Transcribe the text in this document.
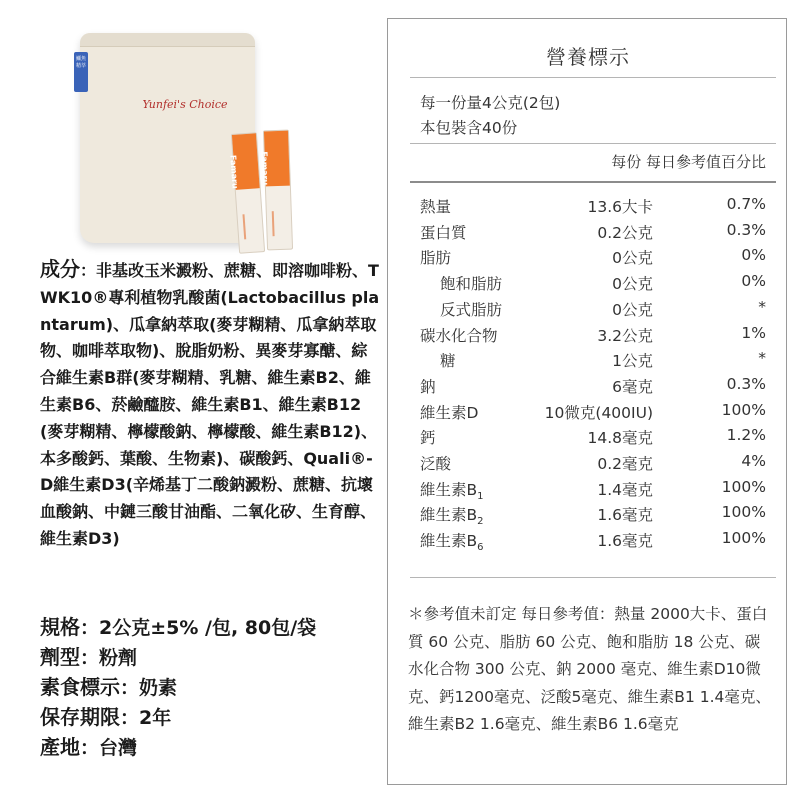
鱷魚精萃
Yunfei's Choice
Famaru Famaru
成分：非基改玉米澱粉、蔗糖、即溶咖啡粉、TWK10®專利植物乳酸菌(Lactobacillus plantarum)、瓜拿納萃取(麥芽糊精、瓜拿納萃取物、咖啡萃取物)、脫脂奶粉、異麥芽寡醣、綜合維生素B群(麥芽糊精、乳糖、維生素B2、維生素B6、菸鹼醯胺、維生素B1、維生素B12(麥芽糊精、檸檬酸鈉、檸檬酸、維生素B12)、本多酸鈣、葉酸、生物素)、碳酸鈣、Quali®-D維生素D3(辛烯基丁二酸鈉澱粉、蔗糖、抗壞血酸鈉、中鏈三酸甘油酯、二氧化矽、生育醇、維生素D3)
規格：2公克±5% /包, 80包/袋
劑型：粉劑
素食標示：奶素
保存期限：2年
產地：台灣
營養標示
每一份量4公克(2包)
本包裝含40份
每份 每日參考值百分比
熱量	13.6大卡	0.7%
蛋白質	0.2公克	0.3%
脂肪	0公克	0%
飽和脂肪	0公克	0%
反式脂肪	0公克	*
碳水化合物	3.2公克	1%
糖	1公克	*
鈉	6毫克	0.3%
維生素D	10微克(400IU)	100%
鈣	14.8毫克	1.2%
泛酸	0.2毫克	4%
維生素$B_1$	1.4毫克	100%
維生素$B_2$	1.6毫克	100%
維生素$B_6$	1.6毫克	100%
＊參考值未訂定 每日參考值：熱量 2000大卡、蛋白質 60 公克、脂肪 60 公克、飽和脂肪 18 公克、碳水化合物 300 公克、鈉 2000 毫克、維生素D10微克、鈣1200毫克、泛酸5毫克、維生素B1 1.4毫克、維生素B2 1.6毫克、維生素B6 1.6毫克
